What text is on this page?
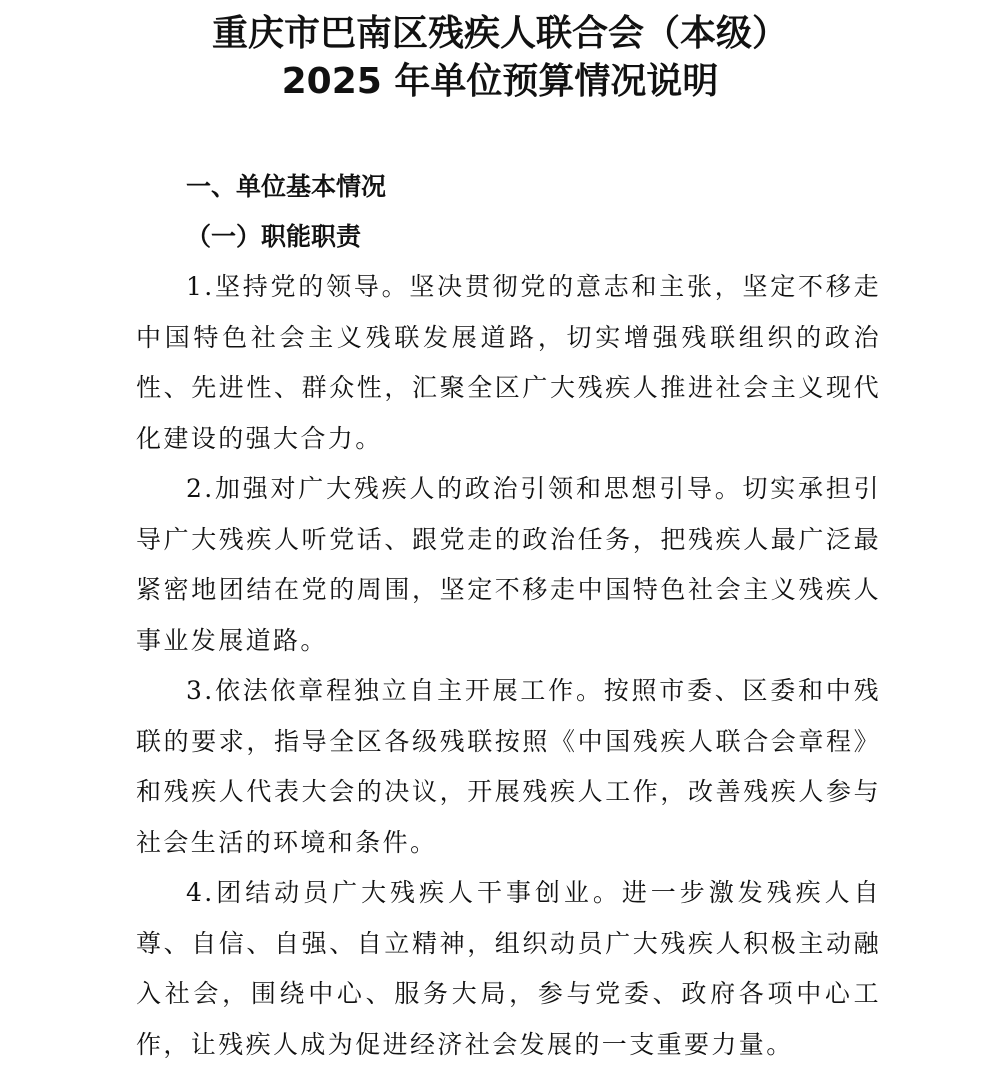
重庆市巴南区残疾人联合会（本级）
2025 年单位预算情况说明
一、单位基本情况
（一）职能职责

1.坚持党的领导。坚决贯彻党的意志和主张，坚定不移走中国特色社会主义残联发展道路，切实增强残联组织的政治性、先进性、群众性，汇聚全区广大残疾人推进社会主义现代化建设的强大合力。

2.加强对广大残疾人的政治引领和思想引导。切实承担引导广大残疾人听党话、跟党走的政治任务，把残疾人最广泛最紧密地团结在党的周围，坚定不移走中国特色社会主义残疾人事业发展道路。

3.依法依章程独立自主开展工作。按照市委、区委和中残联的要求，指导全区各级残联按照《中国残疾人联合会章程》和残疾人代表大会的决议，开展残疾人工作，改善残疾人参与社会生活的环境和条件。

4.团结动员广大残疾人干事创业。进一步激发残疾人自尊、自信、自强、自立精神，组织动员广大残疾人积极主动融入社会，围绕中心、服务大局，参与党委、政府各项中心工作，让残疾人成为促进经济社会发展的一支重要力量。
